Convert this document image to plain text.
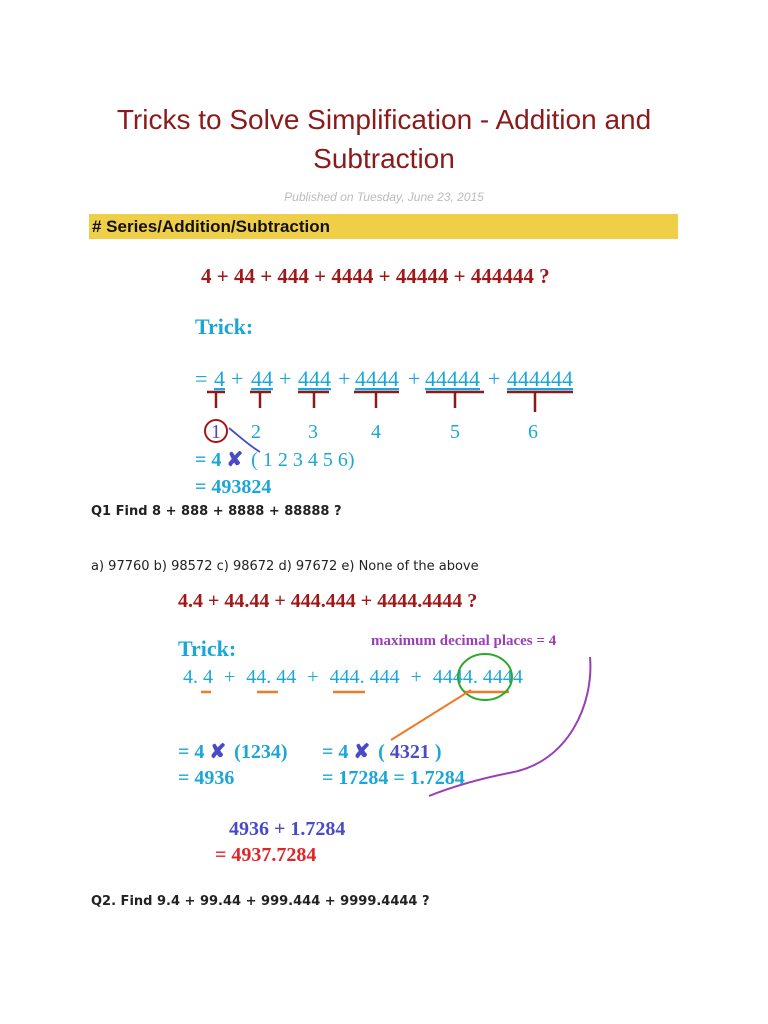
Tricks to Solve Simplification - Addition and Subtraction
Published on Tuesday, June 23, 2015
# Series/Addition/Subtraction
4 + 44 + 444 + 4444 + 44444 + 444444 ?
Trick:
= 4 + 44 + 444 + 4444 + 44444 + 444444
1 2 3	4	5	6
= 4 ✘ ( 1 2 3 4 5 6)
= 493824
Q1 Find 8 + 888 + 8888 + 88888 ?
a) 97760 b) 98572 c) 98672 d) 97672 e) None of the above
4.4 + 44.44 + 444.444 + 4444.4444 ?
Trick:	maximum decimal places = 4
4. 4 + 44. 44 + 444. 444 + 4444. 4444
= 4 ✘ (1234)
= 4936
= 4 ✘ ( 4321 )
= 17284 = 1.7284
4936 + 1.7284
= 4937.7284
Q2. Find 9.4 + 99.44 + 999.444 + 9999.4444 ?
